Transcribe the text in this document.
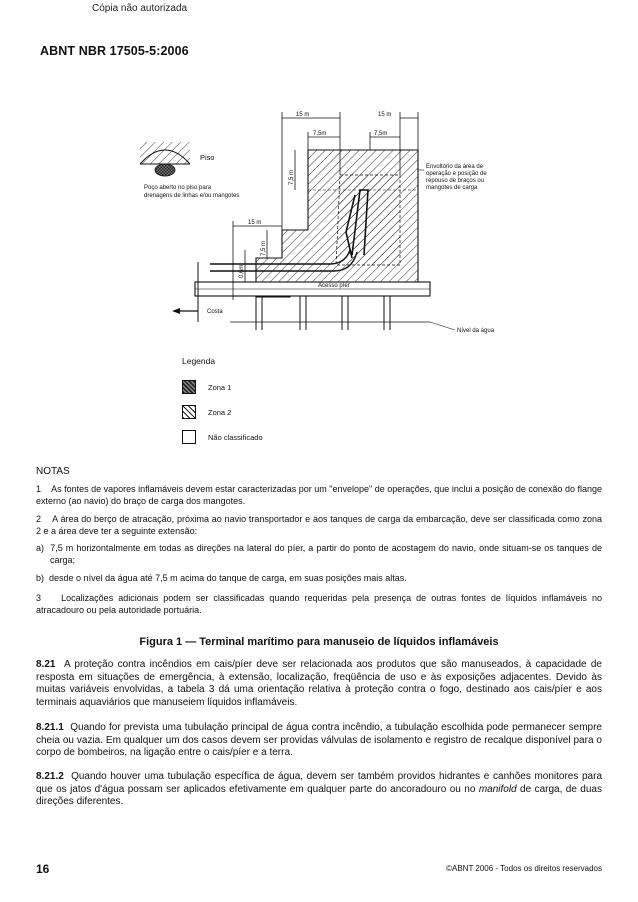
Cópia não autorizada
ABNT NBR 17505-5:2006
Piso
Poço aberto no piso para
drenagens de linhas e/ou mangotes
Nível da água
Costa
Acesso píer
15 m	15 m
7,5m	7,5m
7,5 m
15 m
7,5 m
0,6m
Envoltório da área de
operação e posição de
repouso de braços ou
mangotes de carga
Legenda
Zona 1
Zona 2
Não classificado
NOTAS
1 As fontes de vapores inflamáveis devem estar caracterizadas por um "envelope" de operações, que inclui a posição de conexão do flange externo (ao navio) do braço de carga dos mangotes.
2 A área do berço de atracação, próxima ao navio transportador e aos tanques de carga da embarcação, deve ser classificada como zona 2 e a área deve ter a seguinte extensão:
a) 7,5 m horizontalmente em todas as direções na lateral do píer, a partir do ponto de acostagem do navio, onde situam-se os tanques de carga;
b) desde o nível da água até 7,5 m acima do tanque de carga, em suas posições mais altas.
3 Localizações adicionais podem ser classificadas quando requeridas pela presença de outras fontes de líquidos inflamáveis no atracadouro ou pela autoridade portuária.
Figura 1 — Terminal marítimo para manuseio de líquidos inflamáveis
8.21 A proteção contra incêndios em cais/píer deve ser relacionada aos produtos que são manuseados, à capacidade de resposta em situações de emergência, à extensão, localização, freqüência de uso e às exposições adjacentes. Devido às muitas variáveis envolvidas, a tabela 3 dá uma orientação relativa à proteção contra o fogo, destinado aos cais/píer e aos terminais aquaviários que manuseiem líquidos inflamáveis.
8.21.1 Quando for prevista uma tubulação principal de água contra incêndio, a tubulação escolhida pode permanecer sempre cheia ou vazia. Em qualquer um dos casos devem ser providas válvulas de isolamento e registro de recalque disponível para o corpo de bombeiros, na ligação entre o cais/píer e a terra.
8.21.2 Quando houver uma tubulação específica de água, devem ser também providos hidrantes e canhões monitores para que os jatos d'água possam ser aplicados efetivamente em qualquer parte do ancoradouro ou no manifold de carga, de duas direções diferentes.
16	©ABNT 2006 - Todos os direitos reservados
